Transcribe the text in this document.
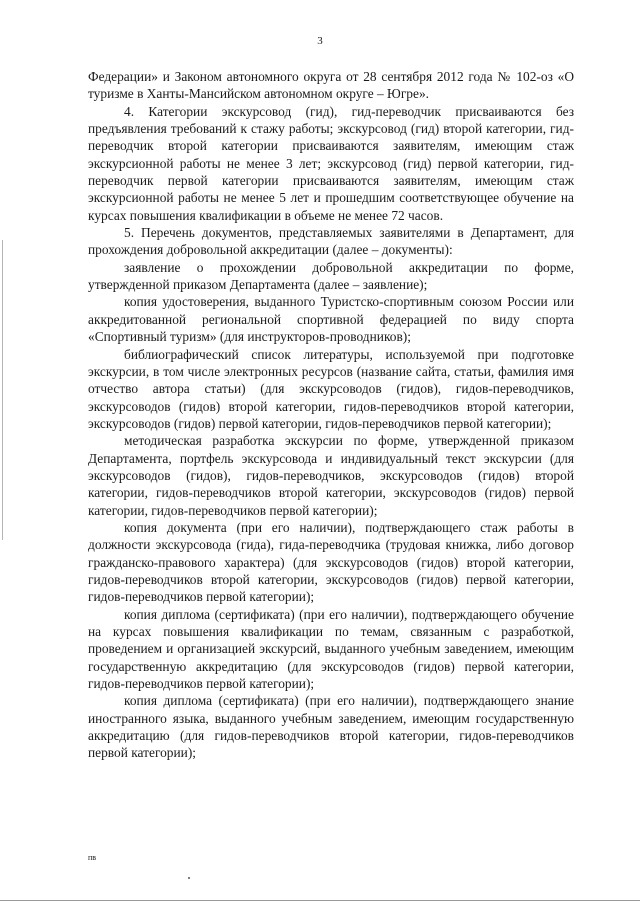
3

Федерации» и Законом автономного округа от 28 сентября 2012 года № 102-оз «О туризме в Ханты-Мансийском автономном округе – Югре».

4. Категории экскурсовод (гид), гид-переводчик присваиваются без предъявления требований к стажу работы; экскурсовод (гид) второй категории, гид-переводчик второй категории присваиваются заявителям, имеющим стаж экскурсионной работы не менее 3 лет; экскурсовод (гид) первой категории, гид-переводчик первой категории присваиваются заявителям, имеющим стаж экскурсионной работы не менее 5 лет и прошедшим соответствующее обучение на курсах повышения квалификации в объеме не менее 72 часов.

5. Перечень документов, представляемых заявителями в Департамент, для прохождения добровольной аккредитации (далее – документы):

заявление о прохождении добровольной аккредитации по форме, утвержденной приказом Департамента (далее – заявление);

копия удостоверения, выданного Туристско-спортивным союзом России или аккредитованной региональной спортивной федерацией по виду спорта «Спортивный туризм» (для инструкторов-проводников);

библиографический список литературы, используемой при подготовке экскурсии, в том числе электронных ресурсов (название сайта, статьи, фамилия имя отчество автора статьи) (для экскурсоводов (гидов), гидов-переводчиков, экскурсоводов (гидов) второй категории, гидов-переводчиков второй категории, экскурсоводов (гидов) первой категории, гидов-переводчиков первой категории);

методическая разработка экскурсии по форме, утвержденной приказом Департамента, портфель экскурсовода и индивидуальный текст экскурсии (для экскурсоводов (гидов), гидов-переводчиков, экскурсоводов (гидов) второй категории, гидов-переводчиков второй категории, экскурсоводов (гидов) первой категории, гидов-переводчиков первой категории);

копия документа (при его наличии), подтверждающего стаж работы в должности экскурсовода (гида), гида-переводчика (трудовая книжка, либо договор гражданско-правового характера) (для экскурсоводов (гидов) второй категории, гидов-переводчиков второй категории, экскурсоводов (гидов) первой категории, гидов-переводчиков первой категории);

копия диплома (сертификата) (при его наличии), подтверждающего обучение на курсах повышения квалификации по темам, связанным с разработкой, проведением и организацией экскурсий, выданного учебным заведением, имеющим государственную аккредитацию (для экскурсоводов (гидов) первой категории, гидов-переводчиков первой категории);

копия диплома (сертификата) (при его наличии), подтверждающего знание иностранного языка, выданного учебным заведением, имеющим государственную аккредитацию (для гидов-переводчиков второй категории, гидов-переводчиков первой категории);

пв
